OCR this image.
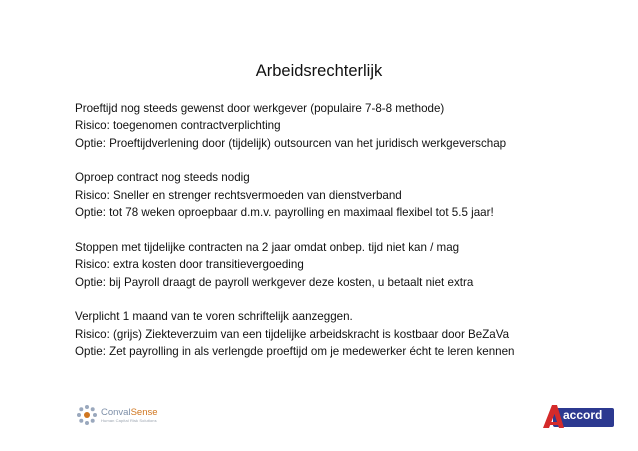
Arbeidsrechterlijk
Proeftijd nog steeds gewenst door werkgever (populaire 7-8-8 methode)
Risico: toegenomen contractverplichting
Optie: Proeftijdverlening door (tijdelijk) outsourcen van het juridisch werkgeverschap
Oproep contract nog steeds nodig
Risico: Sneller en strenger rechtsvermoeden van dienstverband
Optie: tot 78 weken oproepbaar d.m.v. payrolling en maximaal flexibel tot 5.5 jaar!
Stoppen met tijdelijke contracten na 2 jaar omdat onbep. tijd niet kan / mag
Risico: extra kosten door transitievergoeding
Optie: bij Payroll draagt de payroll werkgever deze kosten, u betaalt niet extra
Verplicht 1 maand van te voren schriftelijk aanzeggen.
Risico: (grijs) Ziekteverzuim van een tijdelijke arbeidskracht is kostbaar door BeZaVa
Optie: Zet payrolling in als verlengde proeftijd om je medewerker écht te leren kennen
ConvalSense
Human Capital Risk Solutions	accord
